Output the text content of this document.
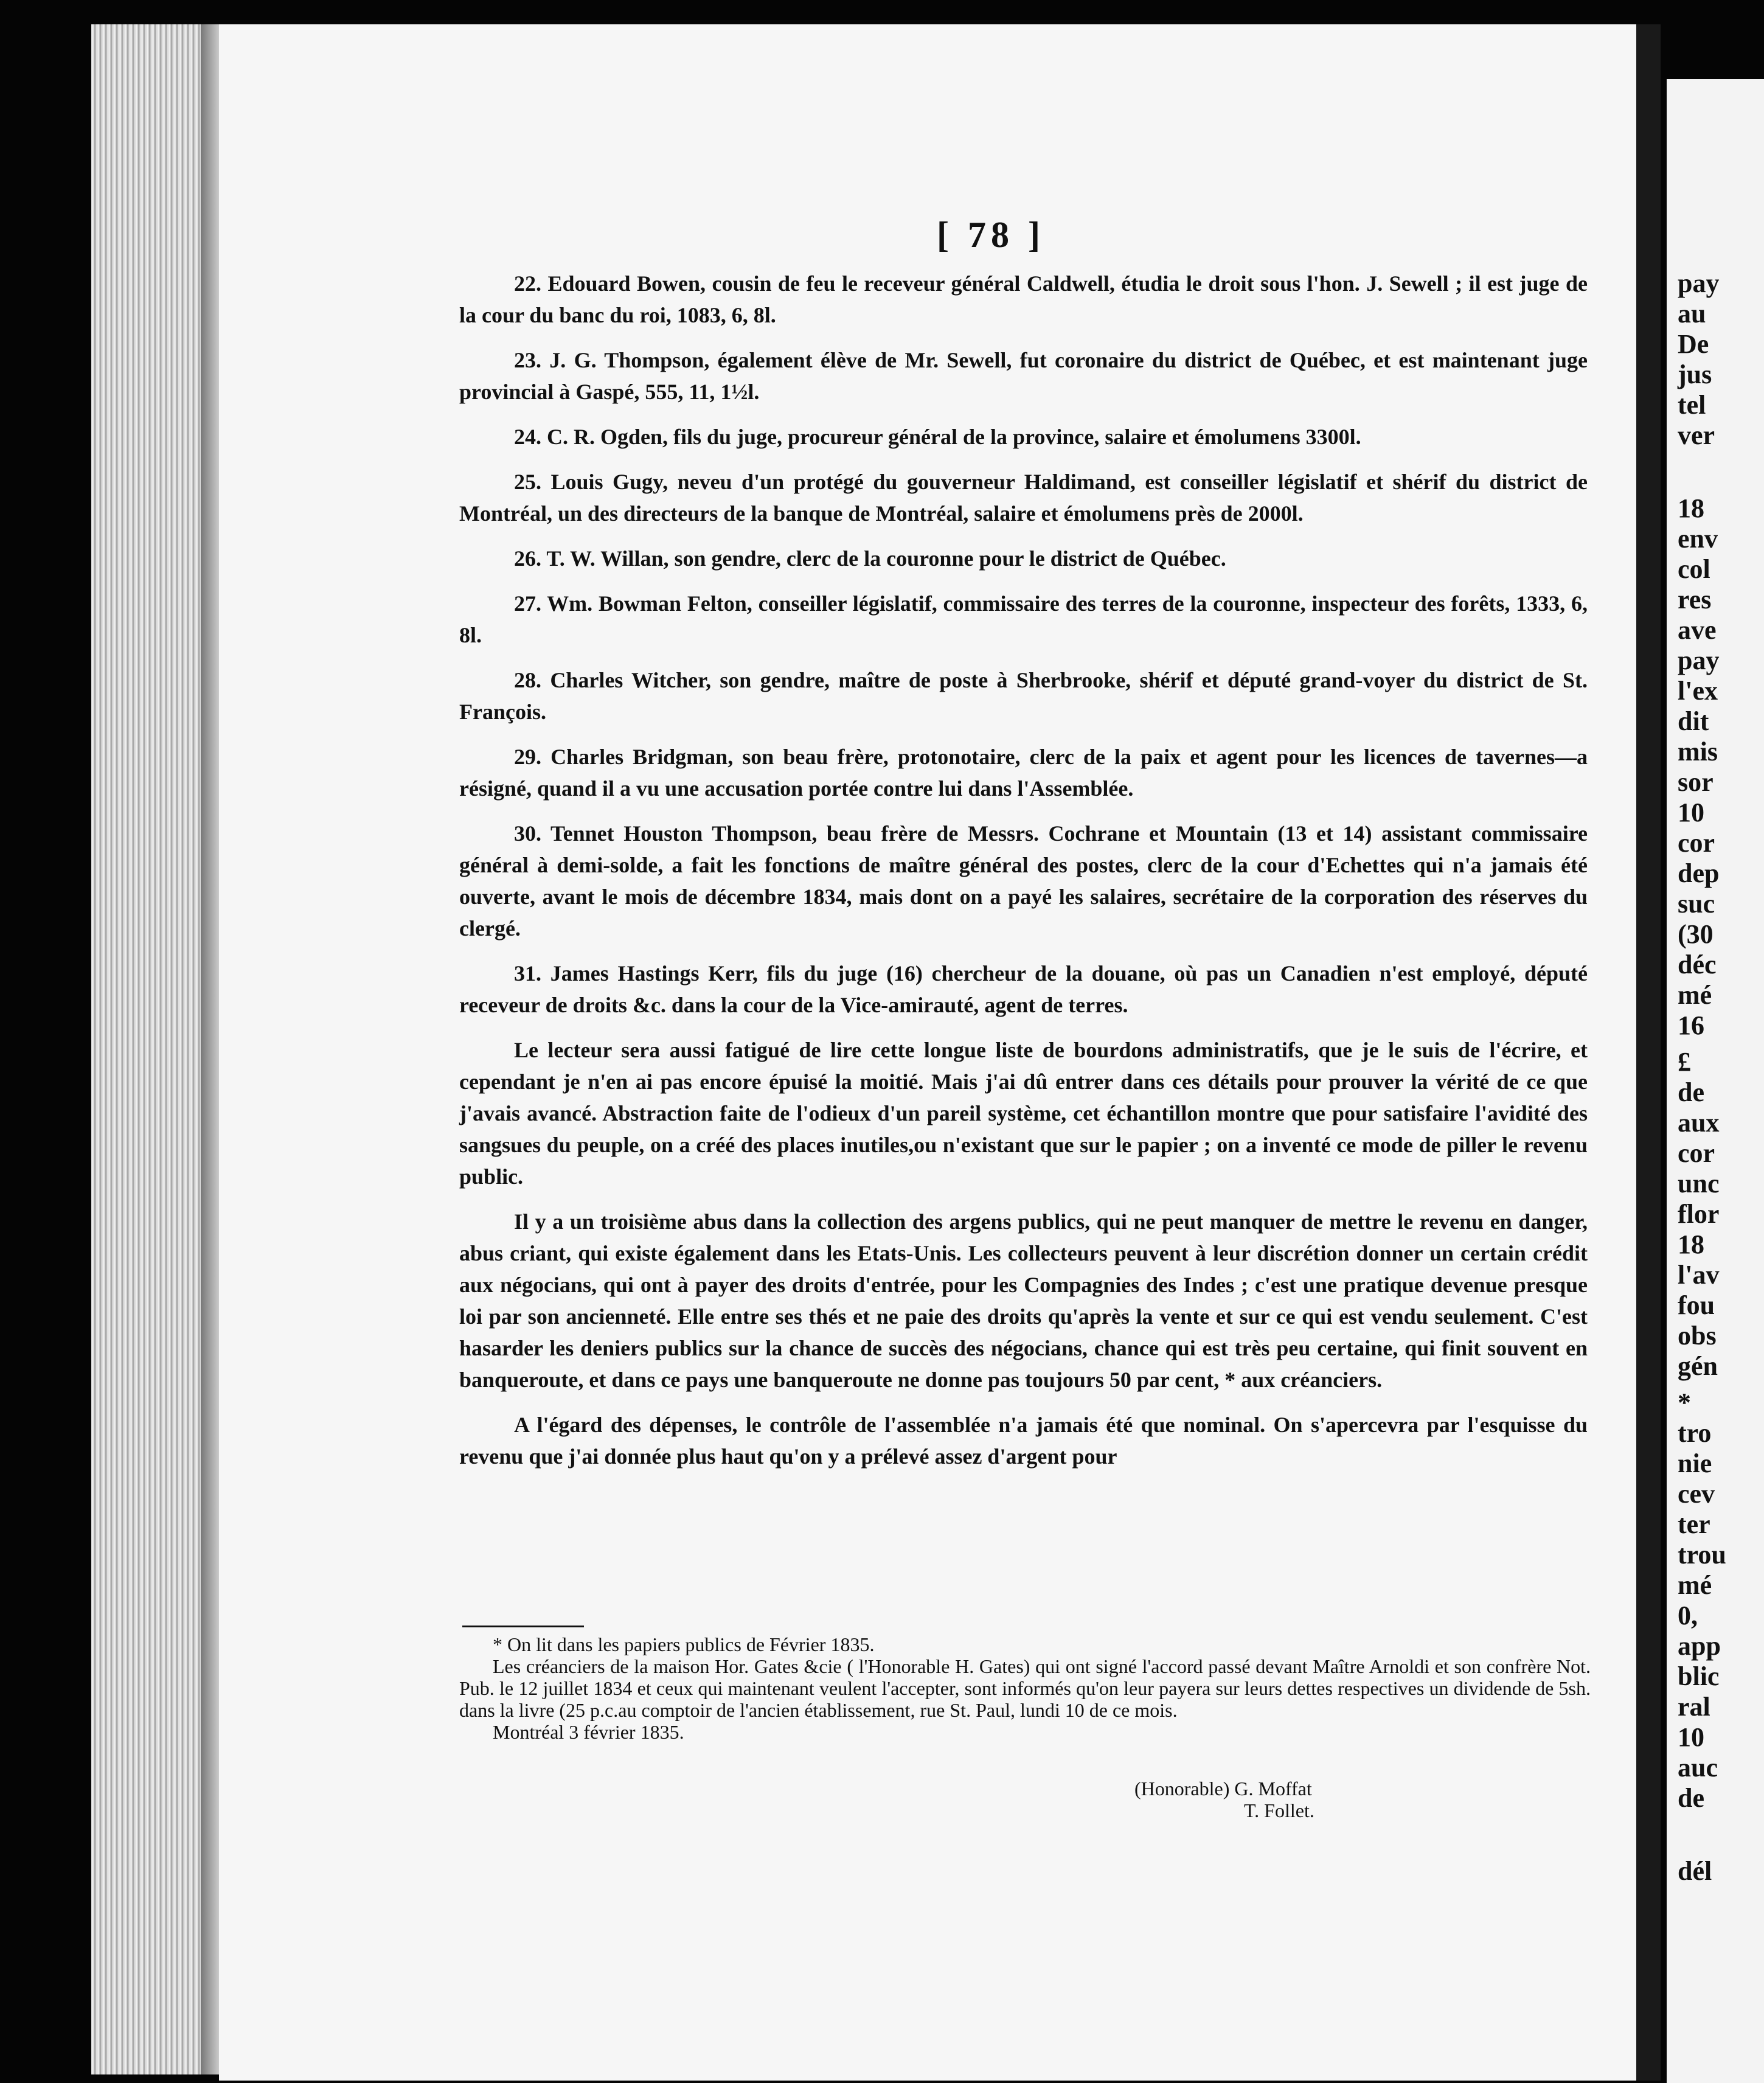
pay
au
De
jus
tel
ver
18
env
col
res
ave
pay
l'ex
dit
mis
sor
10
cor
dep
suc
(30
déc
mé
16
£
de
aux
cor
unc
flor
18
l'av
fou
obs
gén
*
tro
nie
cev
ter
trou
mé
0,
app
blic
ral
10
auc
de
dél
[ 78 ]

22. Edouard Bowen, cousin de feu le receveur général Caldwell, étudia le droit sous l'hon. J. Sewell ; il est juge de la cour du banc du roi, 1083, 6, 8l.

23. J. G. Thompson, également élève de Mr. Sewell, fut coronaire du district de Québec, et est maintenant juge provincial à Gaspé, 555, 11, 1½l.

24. C. R. Ogden, fils du juge, procureur général de la province, salaire et émolumens 3300l.

25. Louis Gugy, neveu d'un protégé du gouverneur Haldimand, est conseiller législatif et shérif du district de Montréal, un des directeurs de la banque de Montréal, salaire et émolumens près de 2000l.

26. T. W. Willan, son gendre, clerc de la couronne pour le district de Québec.

27. Wm. Bowman Felton, conseiller législatif, commissaire des terres de la couronne, inspecteur des forêts, 1333, 6, 8l.

28. Charles Witcher, son gendre, maître de poste à Sherbrooke, shérif et député grand-voyer du district de St. François.

29. Charles Bridgman, son beau frère, protonotaire, clerc de la paix et agent pour les licences de tavernes—a résigné, quand il a vu une accusation portée contre lui dans l'Assemblée.

30. Tennet Houston Thompson, beau frère de Messrs. Cochrane et Mountain (13 et 14) assistant commissaire général à demi-solde, a fait les fonctions de maître général des postes, clerc de la cour d'Echettes qui n'a jamais été ouverte, avant le mois de décembre 1834, mais dont on a payé les salaires, secrétaire de la corporation des réserves du clergé.

31. James Hastings Kerr, fils du juge (16) chercheur de la douane, où pas un Canadien n'est employé, député receveur de droits &c. dans la cour de la Vice-amirauté, agent de terres.

Le lecteur sera aussi fatigué de lire cette longue liste de bourdons administratifs, que je le suis de l'écrire, et cependant je n'en ai pas encore épuisé la moitié. Mais j'ai dû entrer dans ces détails pour prouver la vérité de ce que j'avais avancé. Abstraction faite de l'odieux d'un pareil système, cet échantillon montre que pour satisfaire l'avidité des sangsues du peuple, on a créé des places inutiles,ou n'existant que sur le papier ; on a inventé ce mode de piller le revenu public.

Il y a un troisième abus dans la collection des argens publics, qui ne peut manquer de mettre le revenu en danger, abus criant, qui existe également dans les Etats-Unis. Les collecteurs peuvent à leur discrétion donner un certain crédit aux négocians, qui ont à payer des droits d'entrée, pour les Compagnies des Indes ; c'est une pratique devenue presque loi par son ancienneté. Elle entre ses thés et ne paie des droits qu'après la vente et sur ce qui est vendu seulement. C'est hasarder les deniers publics sur la chance de succès des négocians, chance qui est très peu certaine, qui finit souvent en banqueroute, et dans ce pays une banqueroute ne donne pas toujours 50 par cent, * aux créanciers.

A l'égard des dépenses, le contrôle de l'assemblée n'a jamais été que nominal. On s'apercevra par l'esquisse du revenu que j'ai donnée plus haut qu'on y a prélevé assez d'argent pour

* On lit dans les papiers publics de Février 1835.

Les créanciers de la maison Hor. Gates &cie ( l'Honorable H. Gates) qui ont signé l'accord passé devant Maître Arnoldi et son confrère Not. Pub. le 12 juillet 1834 et ceux qui maintenant veulent l'accepter, sont informés qu'on leur payera sur leurs dettes respectives un dividende de 5sh. dans la livre (25 p.c.au comptoir de l'ancien établissement, rue St. Paul, lundi 10 de ce mois.

Montréal 3 février 1835.

(Honorable) G. Moffat
T. Follet.
